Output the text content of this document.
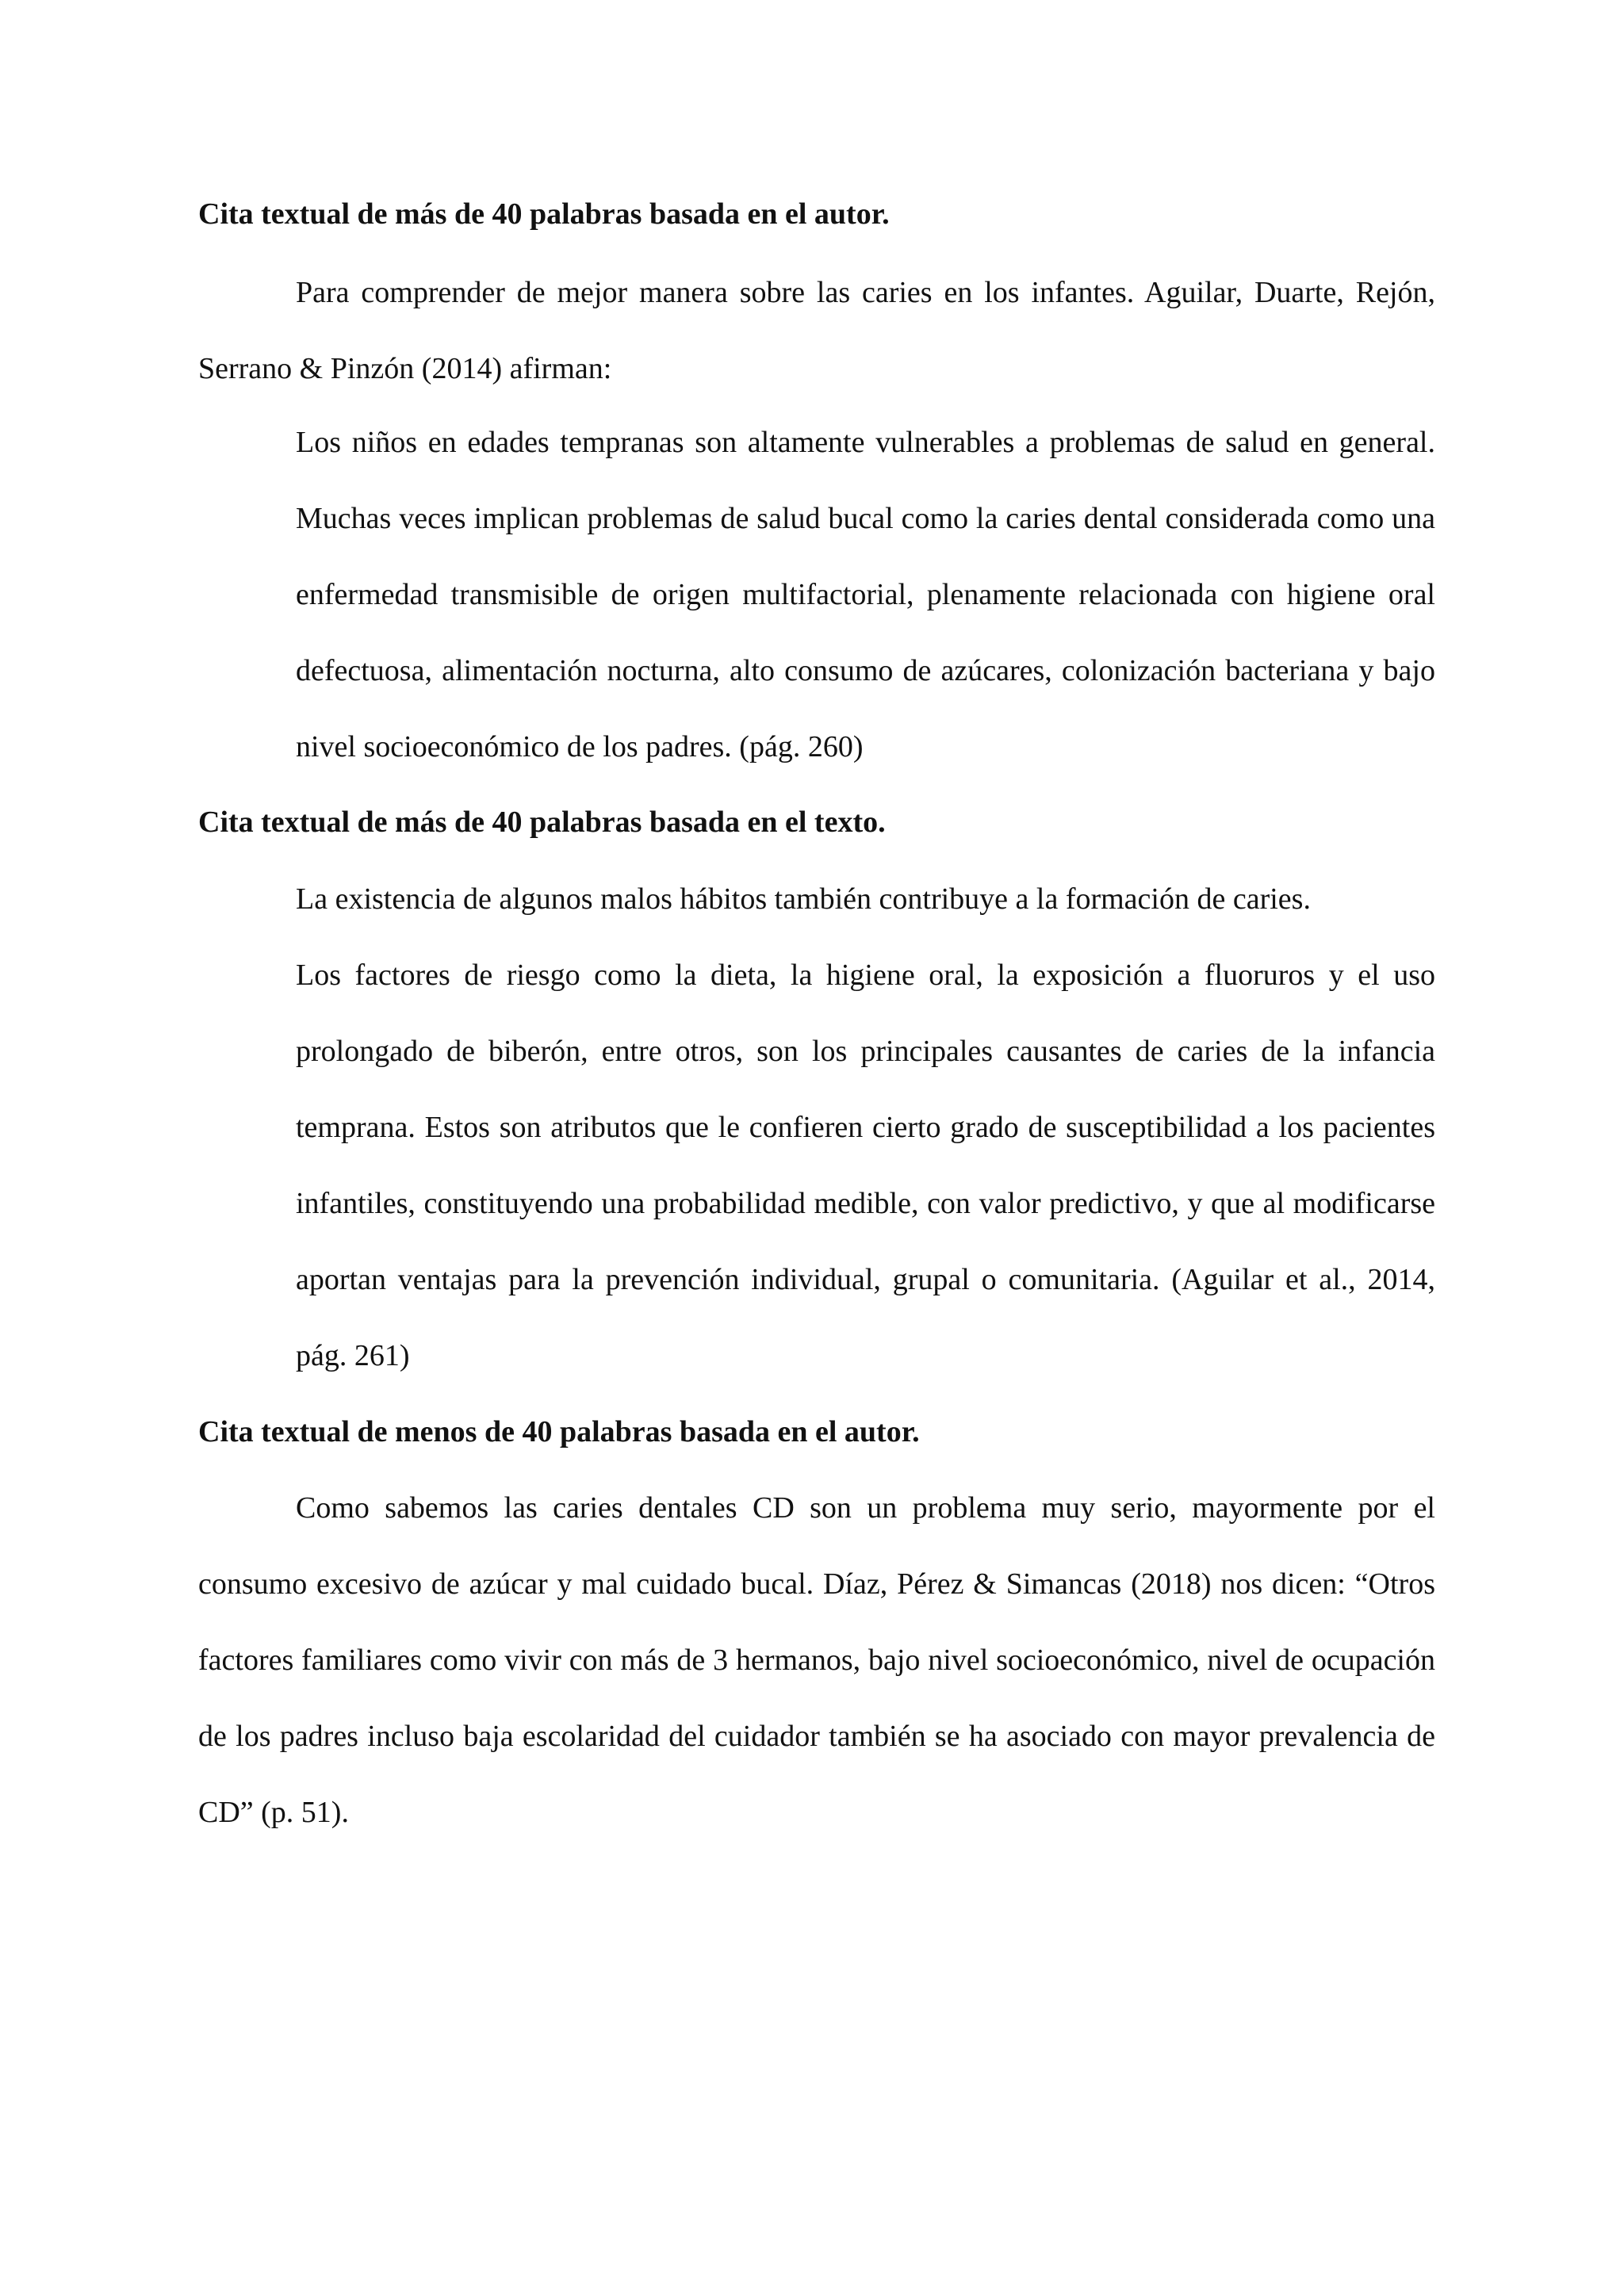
Cita textual de más de 40 palabras basada en el autor.
Para comprender de mejor manera sobre las caries en los infantes. Aguilar, Duarte, Rejón, Serrano & Pinzón (2014) afirman:
Los niños en edades tempranas son altamente vulnerables a problemas de salud en general. Muchas veces implican problemas de salud bucal como la caries dental considerada como una enfermedad transmisible de origen multifactorial, plenamente relacionada con higiene oral defectuosa, alimentación nocturna, alto consumo de azúcares, colonización bacteriana y bajo nivel socioeconómico de los padres. (pág. 260)
Cita textual de más de 40 palabras basada en el texto.
La existencia de algunos malos hábitos también contribuye a la formación de caries.
Los factores de riesgo como la dieta, la higiene oral, la exposición a fluoruros y el uso prolongado de biberón, entre otros, son los principales causantes de caries de la infancia temprana. Estos son atributos que le confieren cierto grado de susceptibilidad a los pacientes infantiles, constituyendo una probabilidad medible, con valor predictivo, y que al modificarse aportan ventajas para la prevención individual, grupal o comunitaria. (Aguilar et al., 2014, pág. 261)
Cita textual de menos de 40 palabras basada en el autor.
Como sabemos las caries dentales CD son un problema muy serio, mayormente por el consumo excesivo de azúcar y mal cuidado bucal. Díaz, Pérez & Simancas (2018) nos dicen: “Otros factores familiares como vivir con más de 3 hermanos, bajo nivel socioeconómico, nivel de ocupación de los padres incluso baja escolaridad del cuidador también se ha asociado con mayor prevalencia de CD” (p. 51).
